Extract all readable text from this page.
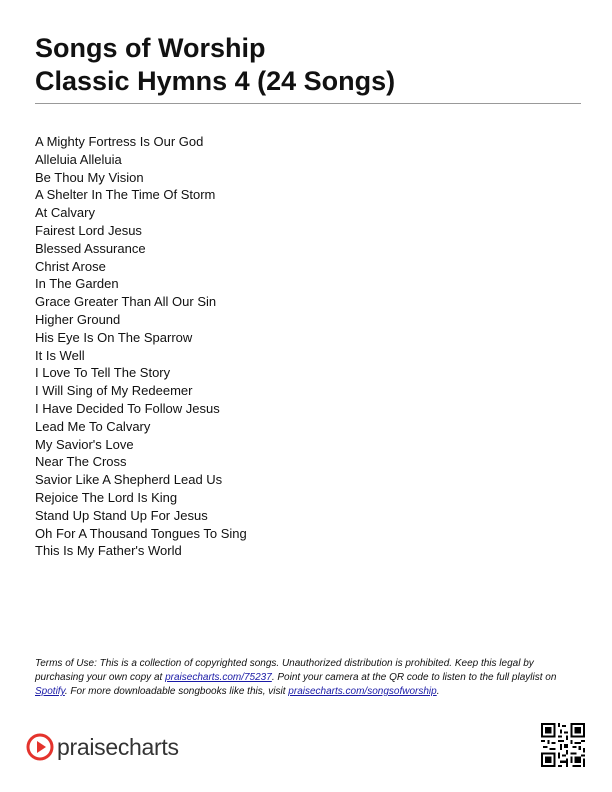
Songs of Worship
Classic Hymns 4 (24 Songs)
A Mighty Fortress Is Our God
Alleluia Alleluia
Be Thou My Vision
A Shelter In The Time Of Storm
At Calvary
Fairest Lord Jesus
Blessed Assurance
Christ Arose
In The Garden
Grace Greater Than All Our Sin
Higher Ground
His Eye Is On The Sparrow
It Is Well
I Love To Tell The Story
I Will Sing of My Redeemer
I Have Decided To Follow Jesus
Lead Me To Calvary
My Savior's Love
Near The Cross
Savior Like A Shepherd Lead Us
Rejoice The Lord Is King
Stand Up Stand Up For Jesus
Oh For A Thousand Tongues To Sing
This Is My Father's World
Terms of Use: This is a collection of copyrighted songs. Unauthorized distribution is prohibited. Keep this legal by purchasing your own copy at praisecharts.com/75237. Point your camera at the QR code to listen to the full playlist on Spotify. For more downloadable songbooks like this, visit praisecharts.com/songsofworship.
praisecharts
